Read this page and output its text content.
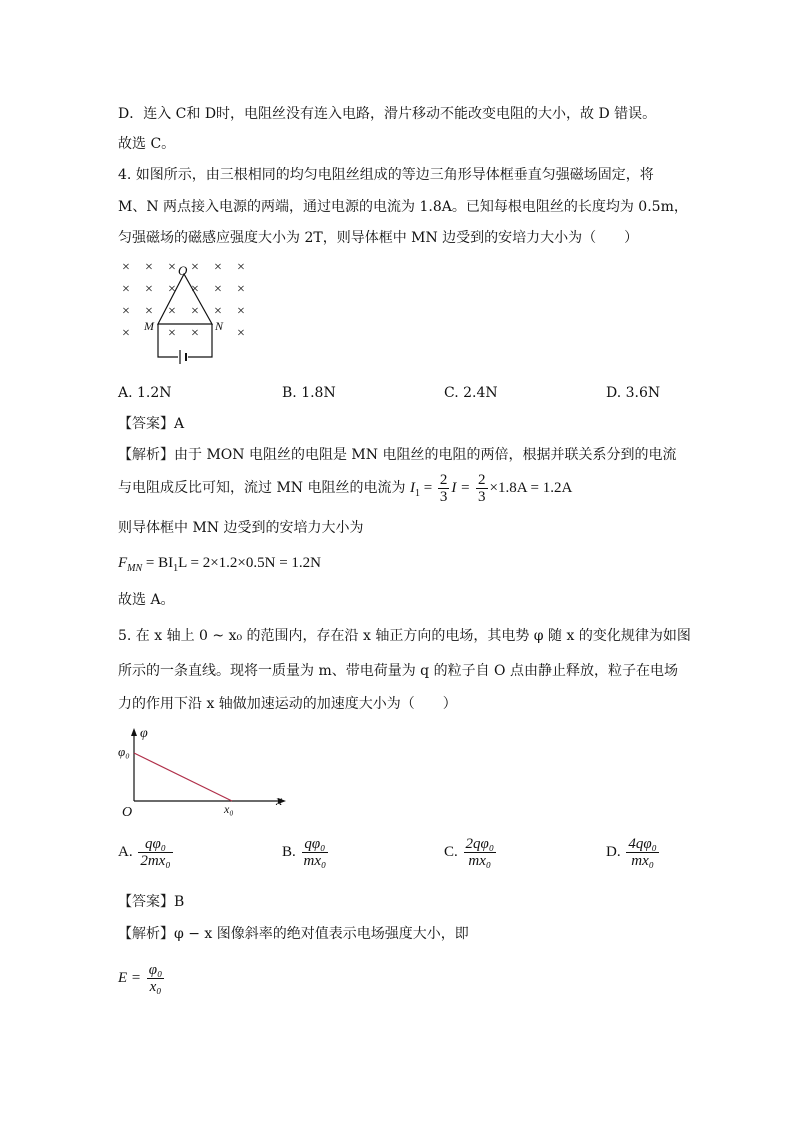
D．连入 C和 D时，电阻丝没有连入电路，滑片移动不能改变电阻的大小，故 D 错误。
故选 C。
4. 如图所示，由三根相同的均匀电阻丝组成的等边三角形导体框垂直匀强磁场固定，将
M、N 两点接入电源的两端，通过电源的电流为 1.8A。已知每根电阻丝的长度均为 0.5m，
匀强磁场的磁感应强度大小为 2T，则导体框中 MN 边受到的安培力大小为（　　）
× × × × × ×
× × × × × ×
× × × × × ×
×	× ×	×
O
M	N
A. 1.2N	B. 1.8N	C. 2.4N	D. 3.6N
【答案】A
【解析】由于 MON 电阻丝的电阻是 MN 电阻丝的电阻的两倍，根据并联关系分到的电流
与电阻成反比可知，流过 MN 电阻丝的电流为 $I_1 = \frac{2}{3}$ $I = \frac{2}{3} \times 1.8A = 1.2A$
则导体框中 MN 边受到的安培力大小为
$F_{MN} = BI_1L = 2\times 1.2\times 0.5N = 1.2N$
故选 A。
5. 在 x 轴上 0 ~ x₀ 的范围内，存在沿 x 轴正方向的电场，其电势 φ 随 x 的变化规律为如图
所示的一条直线。现将一质量为 m、带电荷量为 q 的粒子自 O 点由静止释放，粒子在电场
力的作用下沿 x 轴做加速运动的加速度大小为（　　）
φ
φ₀
O
x
x₀
A. $\frac{\text{qφ₀}}{\text{2mx₀}}$	B. $\frac{\text{qφ₀}}{\text{mx₀}}$	C. $\frac{\text{2qφ₀}}{\text{mx₀}}$	D. $\frac{\text{4qφ₀}}{\text{mx₀}}$
【答案】B
【解析】φ − x 图像斜率的绝对值表示电场强度大小，即
$E = \frac{\text{φ₀}}{\text{x₀}}$
